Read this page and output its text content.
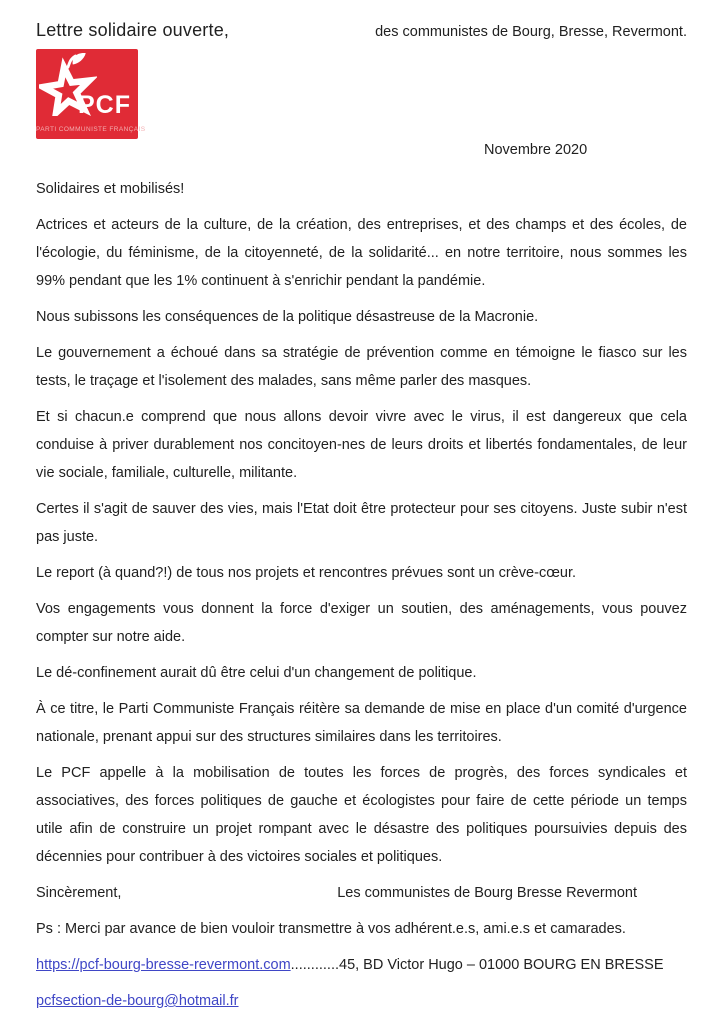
Lettre solidaire ouverte,	des communistes de Bourg, Bresse, Revermont.
PCF
PARTI COMMUNISTE FRANÇAIS
Novembre 2020
Solidaires et mobilisés!

Actrices et acteurs de la culture, de la création, des entreprises, et des champs et des écoles, de l'écologie, du féminisme, de la citoyenneté, de la solidarité... en notre territoire, nous sommes les 99% pendant que les 1% continuent à s'enrichir pendant la pandémie.

Nous subissons les conséquences de la politique désastreuse de la Macronie.

Le gouvernement a échoué dans sa stratégie de prévention comme en témoigne le fiasco sur les tests, le traçage et l'isolement des malades, sans même parler des masques.

Et si chacun.e comprend que nous allons devoir vivre avec le virus, il est dangereux que cela conduise à priver durablement nos concitoyen-nes de leurs droits et libertés fondamentales, de leur vie sociale, familiale, culturelle, militante.

Certes il s'agit de sauver des vies, mais l'Etat doit être protecteur pour ses citoyens. Juste subir n'est pas juste.

Le report (à quand?!) de tous nos projets et rencontres prévues sont un crève-cœur.

Vos engagements vous donnent la force d'exiger un soutien, des aménagements, vous pouvez compter sur notre aide.

Le dé-confinement aurait dû être celui d'un changement de politique.

À ce titre, le Parti Communiste Français réitère sa demande de mise en place d'un comité d'urgence nationale, prenant appui sur des structures similaires dans les territoires.

Le PCF appelle à la mobilisation de toutes les forces de progrès, des forces syndicales et associatives, des forces politiques de gauche et écologistes pour faire de cette période un temps utile afin de construire un projet rompant avec le désastre des politiques poursuivies depuis des décennies pour contribuer à des victoires sociales et politiques.

Sincèrement,	Les communistes de Bourg Bresse Revermont

Ps : Merci par avance de bien vouloir transmettre à vos adhérent.e.s, ami.e.s et camarades.

https://pcf-bourg-bresse-revermont.com............45, BD Victor Hugo – 01000 BOURG EN BRESSE
pcfsection-de-bourg@hotmail.fr
